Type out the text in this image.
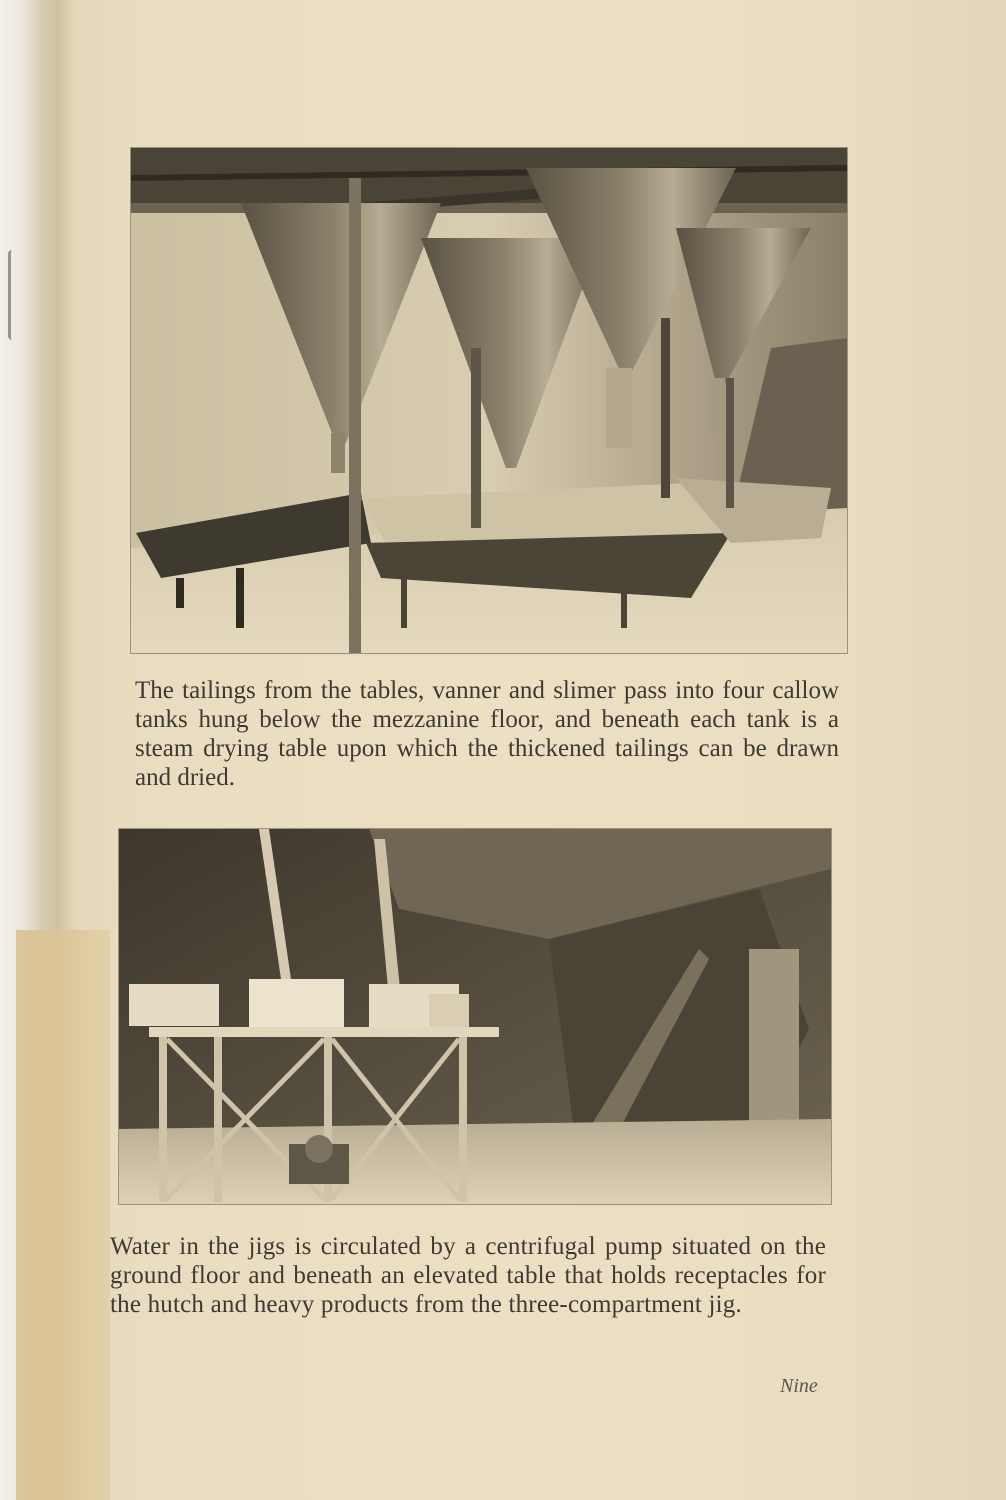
The tailings from the tables, vanner and slimer pass into four callow tanks hung below the mezzanine floor, and beneath each tank is a steam drying table upon which the thickened tailings can be drawn and dried.

Water in the jigs is circulated by a centrifugal pump situated on the ground floor and beneath an elevated table that holds receptacles for the hutch and heavy products from the three-compartment jig.

Nine
